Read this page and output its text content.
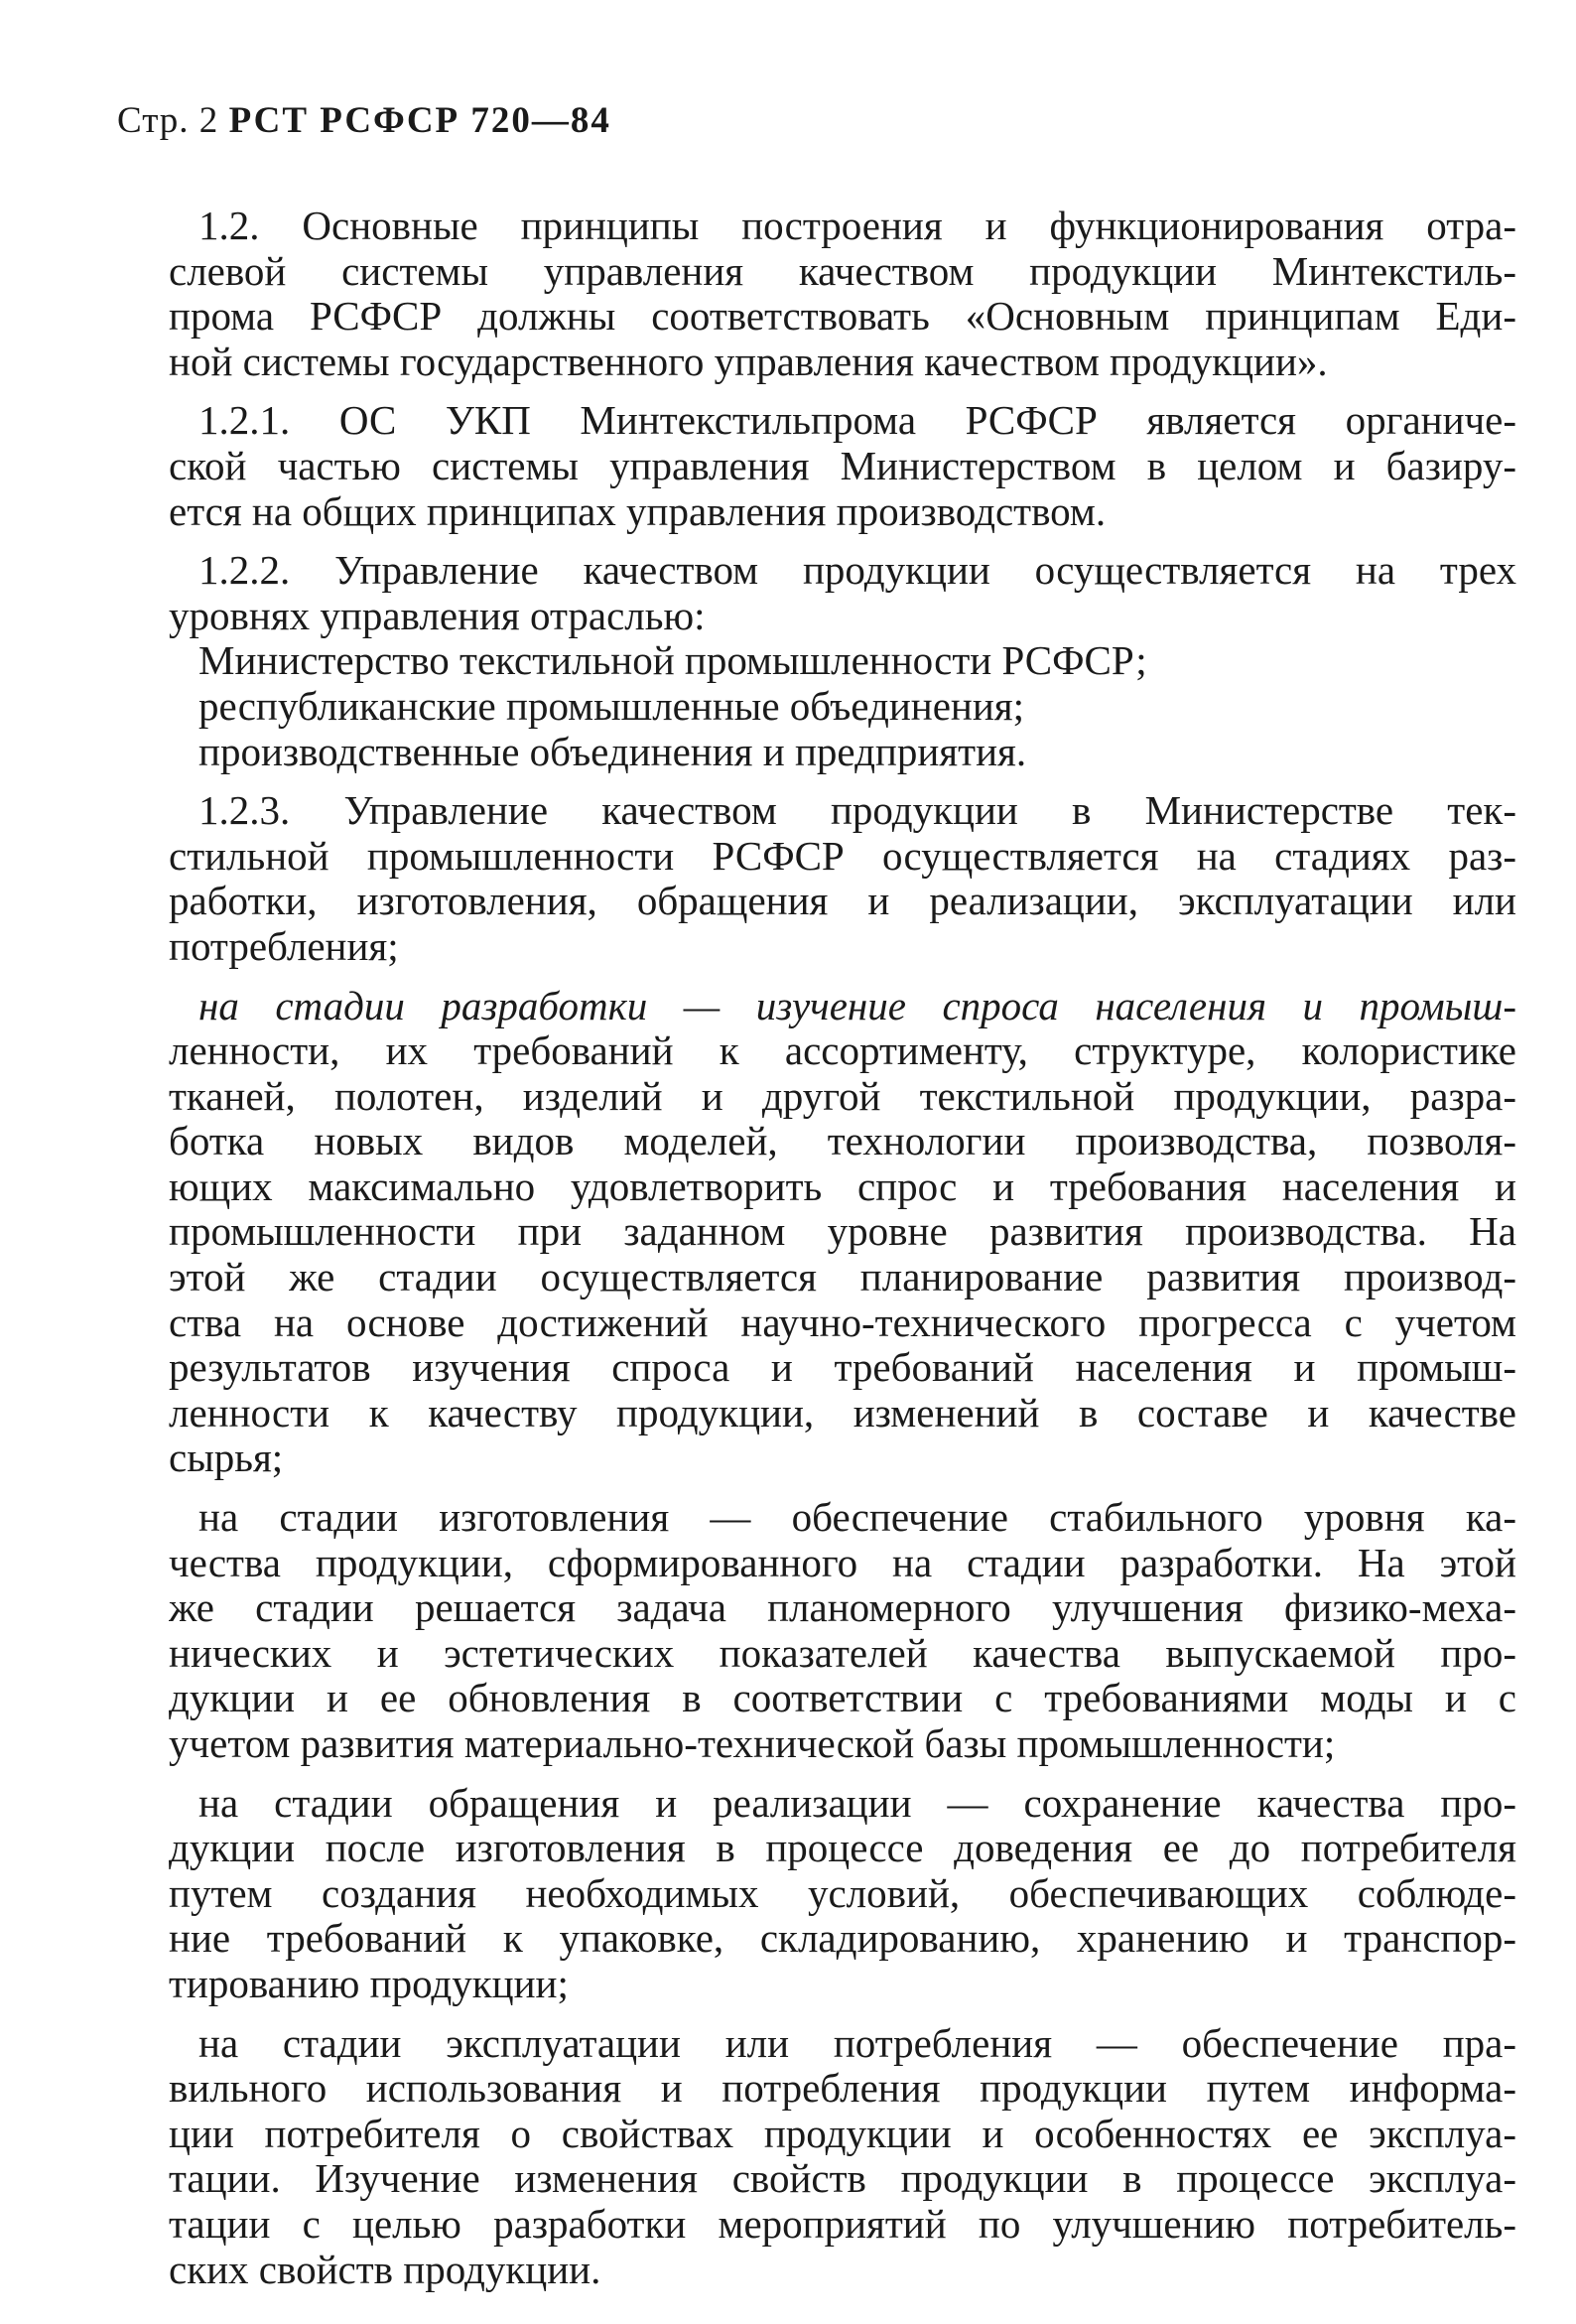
Стр. 2 РСТ РСФСР 720—84
1.2. Основные принципы построения и функционирования отра-
слевой системы управления качеством продукции Минтекстиль-
прома РСФСР должны соответствовать «Основным принципам Еди-
ной системы государственного управления качеством продукции».
1.2.1. ОС УКП Минтекстильпрома РСФСР является органиче-
ской частью системы управления Министерством в целом и базиру-
ется на общих принципах управления производством.
1.2.2. Управление качеством продукции осуществляется на трех
уровнях управления отраслью:
Министерство текстильной промышленности РСФСР;
республиканские промышленные объединения;
производственные объединения и предприятия.
1.2.3. Управление качеством продукции в Министерстве тек-
стильной промышленности РСФСР осуществляется на стадиях раз-
работки, изготовления, обращения и реализации, эксплуатации или
потребления;
на стадии разработки — изучение спроса населения и промыш-
ленности, их требований к ассортименту, структуре, колористике
тканей, полотен, изделий и другой текстильной продукции, разра-
ботка новых видов моделей, технологии производства, позволя-
ющих максимально удовлетворить спрос и требования населения и
промышленности при заданном уровне развития производства. На
этой же стадии осуществляется планирование развития производ-
ства на основе достижений научно-технического прогресса с учетом
результатов изучения спроса и требований населения и промыш-
ленности к качеству продукции, изменений в составе и качестве
сырья;
на стадии изготовления — обеспечение стабильного уровня ка-
чества продукции, сформированного на стадии разработки. На этой
же стадии решается задача планомерного улучшения физико-меха-
нических и эстетических показателей качества выпускаемой про-
дукции и ее обновления в соответствии с требованиями моды и с
учетом развития материально-технической базы промышленности;
на стадии обращения и реализации — сохранение качества про-
дукции после изготовления в процессе доведения ее до потребителя
путем создания необходимых условий, обеспечивающих соблюде-
ние требований к упаковке, складированию, хранению и транспор-
тированию продукции;
на стадии эксплуатации или потребления — обеспечение пра-
вильного использования и потребления продукции путем информа-
ции потребителя о свойствах продукции и особенностях ее эксплуа-
тации. Изучение изменения свойств продукции в процессе эксплуа-
тации с целью разработки мероприятий по улучшению потребитель-
ских свойств продукции.
